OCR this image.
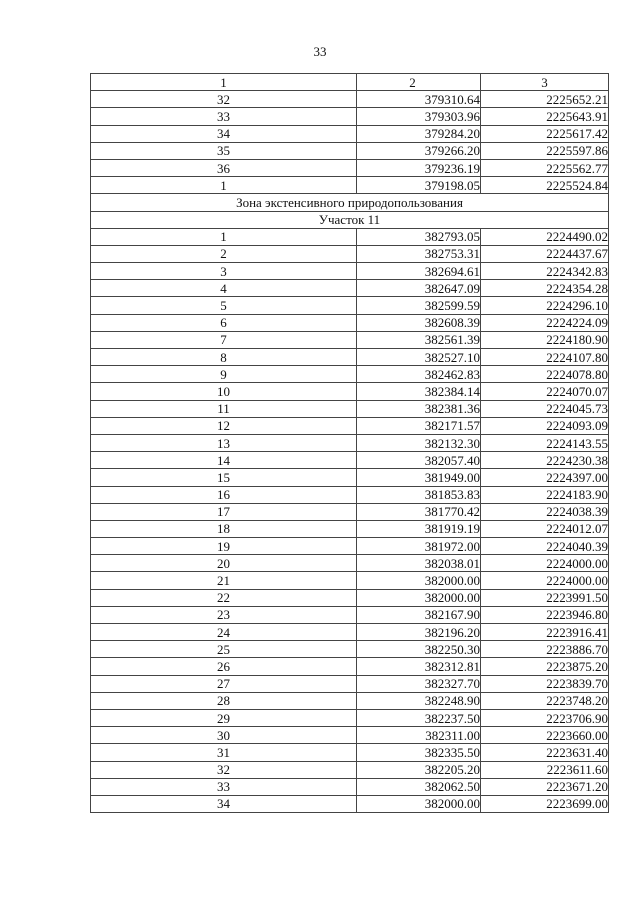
33
1	2	3
32	379310.64	2225652.21
33	379303.96	2225643.91
34	379284.20	2225617.42
35	379266.20	2225597.86
36	379236.19	2225562.77
1	379198.05	2225524.84
Зона экстенсивного природопользования		
Участок 11		
1	382793.05	2224490.02
2	382753.31	2224437.67
3	382694.61	2224342.83
4	382647.09	2224354.28
5	382599.59	2224296.10
6	382608.39	2224224.09
7	382561.39	2224180.90
8	382527.10	2224107.80
9	382462.83	2224078.80
10	382384.14	2224070.07
11	382381.36	2224045.73
12	382171.57	2224093.09
13	382132.30	2224143.55
14	382057.40	2224230.38
15	381949.00	2224397.00
16	381853.83	2224183.90
17	381770.42	2224038.39
18	381919.19	2224012.07
19	381972.00	2224040.39
20	382038.01	2224000.00
21	382000.00	2224000.00
22	382000.00	2223991.50
23	382167.90	2223946.80
24	382196.20	2223916.41
25	382250.30	2223886.70
26	382312.81	2223875.20
27	382327.70	2223839.70
28	382248.90	2223748.20
29	382237.50	2223706.90
30	382311.00	2223660.00
31	382335.50	2223631.40
32	382205.20	2223611.60
33	382062.50	2223671.20
34	382000.00	2223699.00
